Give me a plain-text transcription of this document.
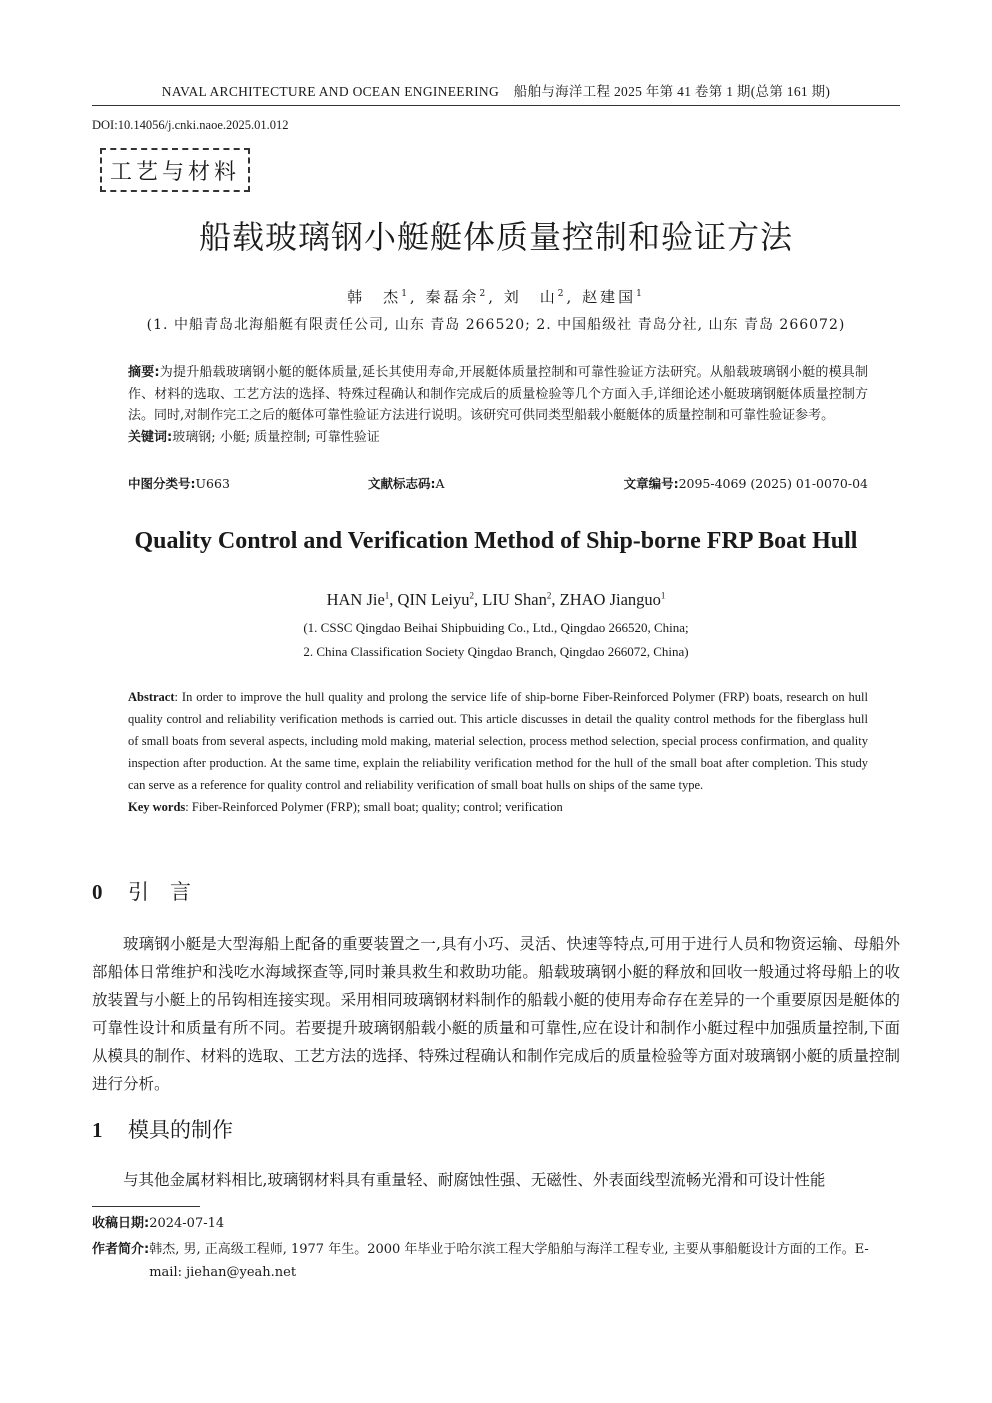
NAVAL ARCHITECTURE AND OCEAN ENGINEERING    船舶与海洋工程 2025 年第 41 卷第 1 期(总第 161 期)
DOI:10.14056/j.cnki.naoe.2025.01.012
工艺与材料
船载玻璃钢小艇艇体质量控制和验证方法
韩　杰$^1$, 秦磊余$^2$, 刘　山$^2$, 赵建国$^1$
(1. 中船青岛北海船艇有限责任公司, 山东 青岛 266520; 2. 中国船级社 青岛分社, 山东 青岛 266072)
摘要:为提升船载玻璃钢小艇的艇体质量,延长其使用寿命,开展艇体质量控制和可靠性验证方法研究。从船载玻璃钢小艇的模具制作、材料的选取、工艺方法的选择、特殊过程确认和制作完成后的质量检验等几个方面入手,详细论述小艇玻璃钢艇体质量控制方法。同时,对制作完工之后的艇体可靠性验证方法进行说明。该研究可供同类型船载小艇艇体的质量控制和可靠性验证参考。
关键词:玻璃钢; 小艇; 质量控制; 可靠性验证
中图分类号:U663	文献标志码:A	文章编号:2095-4069 (2025) 01-0070-04
Quality Control and Verification Method of Ship-borne FRP Boat Hull
HAN Jie$^1$, QIN Leiyu$^2$, LIU Shan$^2$, ZHAO Jianguo$^1$
(1. CSSC Qingdao Beihai Shipbuiding Co., Ltd., Qingdao 266520, China;
2. China Classification Society Qingdao Branch, Qingdao 266072, China)
Abstract: In order to improve the hull quality and prolong the service life of ship-borne Fiber-Reinforced Polymer (FRP) boats, research on hull quality control and reliability verification methods is carried out. This article discusses in detail the quality control methods for the fiberglass hull of small boats from several aspects, including mold making, material selection, process method selection, special process confirmation, and quality inspection after production. At the same time, explain the reliability verification method for the hull of the small boat after completion. This study can serve as a reference for quality control and reliability verification of small boat hulls on ships of the same type.
Key words: Fiber-Reinforced Polymer (FRP); small boat; quality; control; verification
0 引　言

玻璃钢小艇是大型海船上配备的重要装置之一,具有小巧、灵活、快速等特点,可用于进行人员和物资运输、母船外部船体日常维护和浅吃水海域探查等,同时兼具救生和救助功能。船载玻璃钢小艇的释放和回收一般通过将母船上的收放装置与小艇上的吊钩相连接实现。采用相同玻璃钢材料制作的船载小艇的使用寿命存在差异的一个重要原因是艇体的可靠性设计和质量有所不同。若要提升玻璃钢船载小艇的质量和可靠性,应在设计和制作小艇过程中加强质量控制,下面从模具的制作、材料的选取、工艺方法的选择、特殊过程确认和制作完成后的质量检验等方面对玻璃钢小艇的质量控制进行分析。

1 模具的制作

与其他金属材料相比,玻璃钢材料具有重量轻、耐腐蚀性强、无磁性、外表面线型流畅光滑和可设计性能

收稿日期:2024-07-14
作者简介: 韩杰, 男, 正高级工程师, 1977 年生。2000 年毕业于哈尔滨工程大学船舶与海洋工程专业, 主要从事船艇设计方面的工作。E-mail: jiehan@yeah.net
